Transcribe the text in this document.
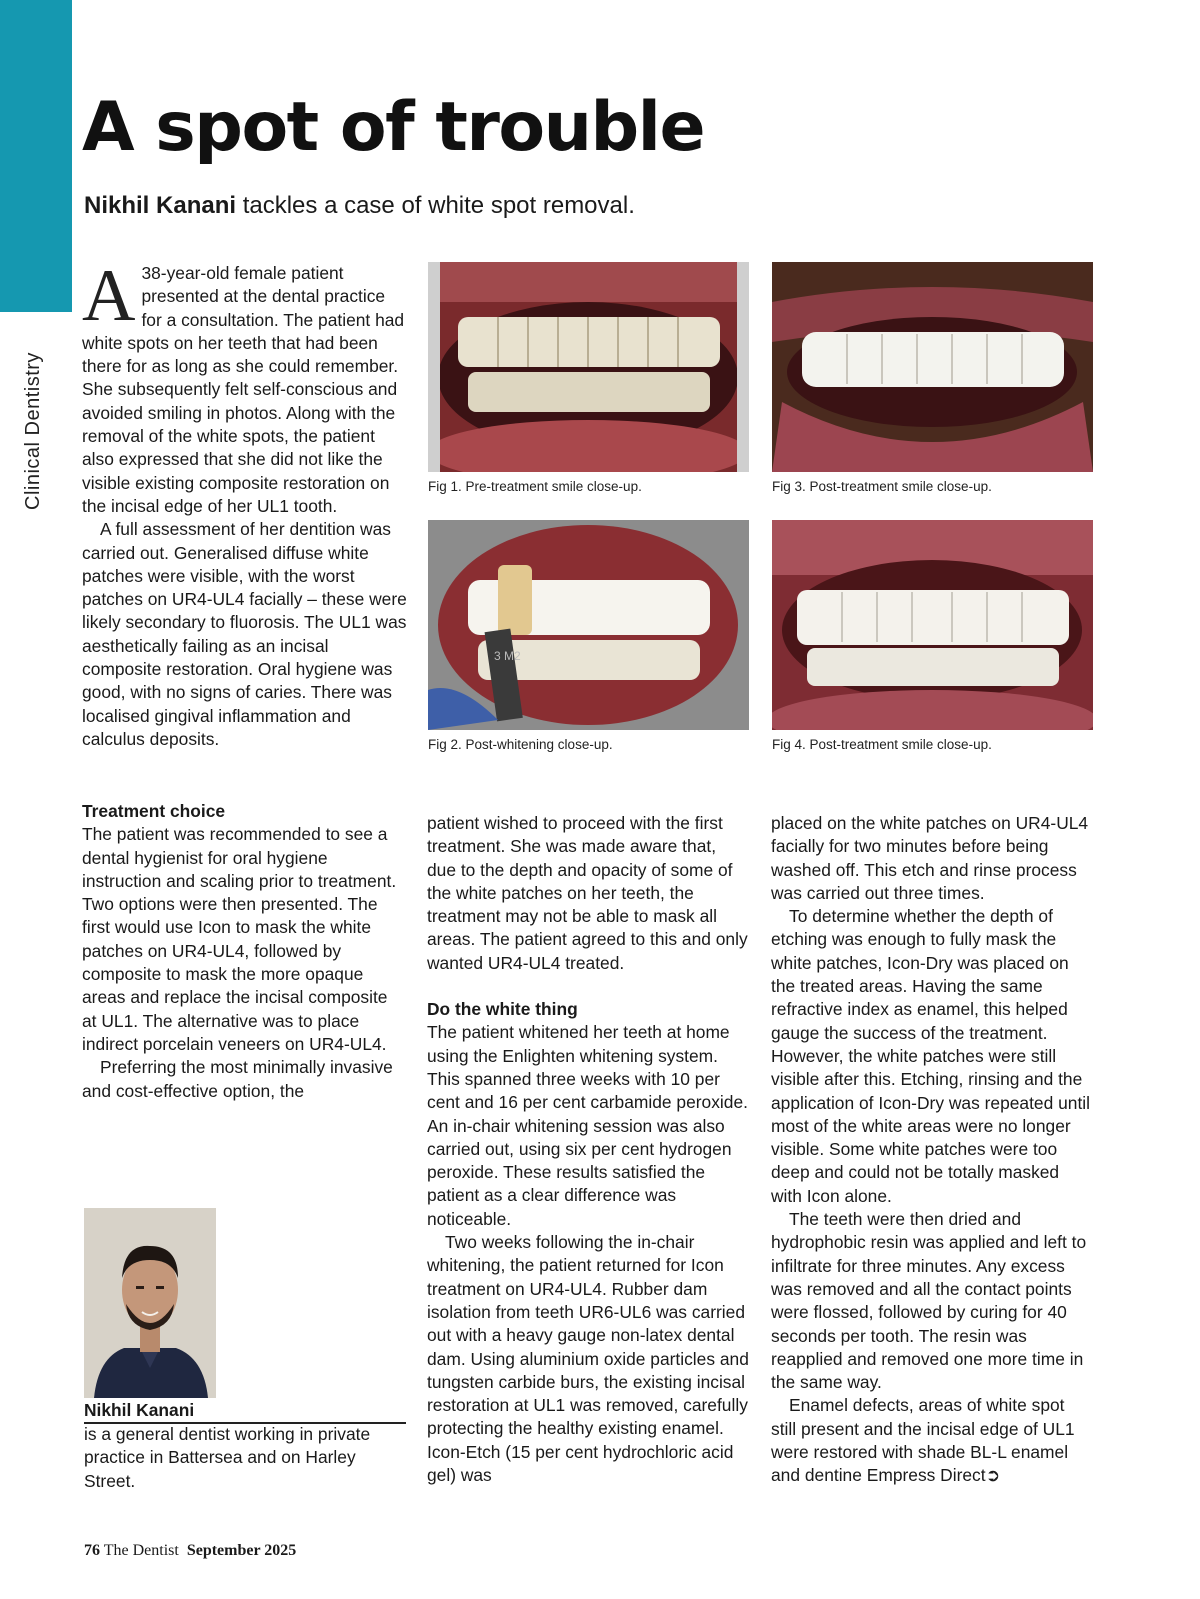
Clinical Dentistry
A spot of trouble
Nikhil Kanani tackles a case of white spot removal.

A 38-year-old female patient presented at the dental practice for a consultation. The patient had white spots on her teeth that had been there for as long as she could remember. She subsequently felt self-conscious and avoided smiling in photos. Along with the removal of the white spots, the patient also expressed that she did not like the visible existing composite restoration on the incisal edge of her UL1 tooth.

A full assessment of her dentition was carried out. Generalised diffuse white patches were visible, with the worst patches on UR4-UL4 facially – these were likely secondary to fluorosis. The UL1 was aesthetically failing as an incisal composite restoration. Oral hygiene was good, with no signs of caries. There was localised gingival inflammation and calculus deposits.

Treatment choice

The patient was recommended to see a dental hygienist for oral hygiene instruction and scaling prior to treatment. Two options were then presented. The first would use Icon to mask the white patches on UR4-UL4, followed by composite to mask the more opaque areas and replace the incisal composite at UL1. The alternative was to place indirect porcelain veneers on UR4-UL4.

Preferring the most minimally invasive and cost-effective option, the

patient wished to proceed with the first treatment. She was made aware that, due to the depth and opacity of some of the white patches on her teeth, the treatment may not be able to mask all areas. The patient agreed to this and only wanted UR4-UL4 treated.

Do the white thing

The patient whitened her teeth at home using the Enlighten whitening system. This spanned three weeks with 10 per cent and 16 per cent carbamide peroxide. An in-chair whitening session was also carried out, using six per cent hydrogen peroxide. These results satisfied the patient as a clear difference was noticeable.

Two weeks following the in-chair whitening, the patient returned for Icon treatment on UR4-UL4. Rubber dam isolation from teeth UR6-UL6 was carried out with a heavy gauge non-latex dental dam. Using aluminium oxide particles and tungsten carbide burs, the existing incisal restoration at UL1 was removed, carefully protecting the healthy existing enamel. Icon-Etch (15 per cent hydrochloric acid gel) was

placed on the white patches on UR4-UL4 facially for two minutes before being washed off. This etch and rinse process was carried out three times.

To determine whether the depth of etching was enough to fully mask the white patches, Icon-Dry was placed on the treated areas. Having the same refractive index as enamel, this helped gauge the success of the treatment. However, the white patches were still visible after this. Etching, rinsing and the application of Icon-Dry was repeated until most of the white areas were no longer visible. Some white patches were too deep and could not be totally masked with Icon alone.

The teeth were then dried and hydrophobic resin was applied and left to infiltrate for three minutes. Any excess was removed and all the contact points were flossed, followed by curing for 40 seconds per tooth. The resin was reapplied and removed one more time in the same way.

Enamel defects, areas of white spot still present and the incisal edge of UL1 were restored with shade BL-L enamel and dentine Empress Direct➲

Fig 1. Pre-treatment smile close-up.	Fig 3. Post-treatment smile close-up.
3 M2
Fig 2. Post-whitening close-up.	Fig 4. Post-treatment smile close-up.
Nikhil Kanani
is a general dentist working in private practice in Battersea and on Harley Street.
76 The Dentist September 2025
